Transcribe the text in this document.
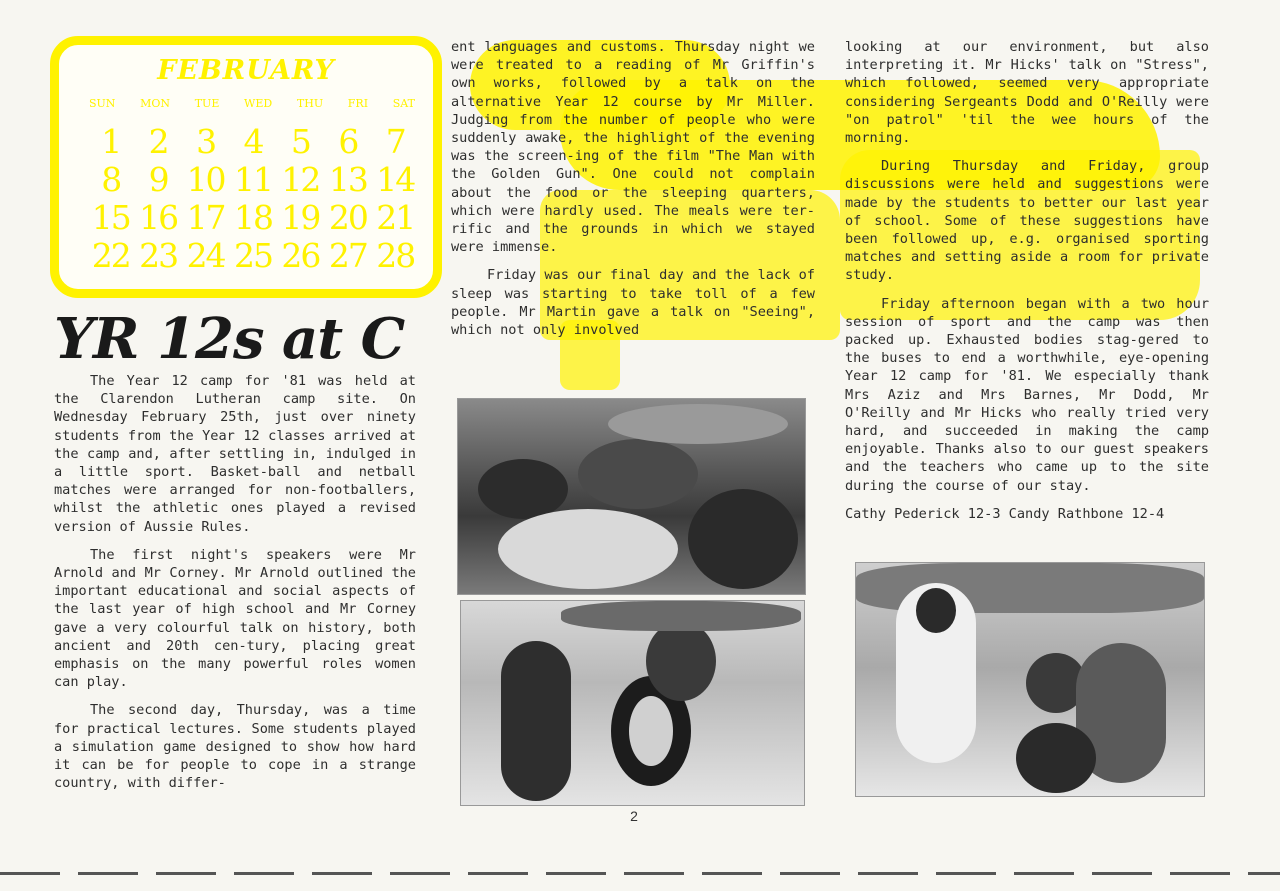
FEBRUARY
SUN MON TUE WED THU FRI SAT
1 2 3 4 5 6 7
8 9 10 11 12 13 14
15 16 17 18 19 20 21
22 23 24 25 26 27 28
YR 12s at C

The Year 12 camp for '81 was held at the Clarendon Lutheran camp site. On Wednesday February 25th, just over ninety students from the Year 12 classes arrived at the camp and, after settling in, indulged in a little sport. Basket-ball and netball matches were arranged for non-footballers, whilst the athletic ones played a revised version of Aussie Rules.

The first night's speakers were Mr Arnold and Mr Corney. Mr Arnold outlined the important educational and social aspects of the last year of high school and Mr Corney gave a very colourful talk on history, both ancient and 20th cen-tury, placing great emphasis on the many powerful roles women can play.

The second day, Thursday, was a time for practical lectures. Some students played a simulation game designed to show how hard it can be for people to cope in a strange country, with differ-

ent languages and customs. Thursday night we were treated to a reading of Mr Griffin's own works, followed by a talk on the alternative Year 12 course by Mr Miller. Judging from the number of people who were suddenly awake, the highlight of the evening was the screen-ing of the film "The Man with the Golden Gun". One could not complain about the food or the sleeping quarters, which were hardly used. The meals were ter-rific and the grounds in which we stayed were immense.

Friday was our final day and the lack of sleep was starting to take toll of a few people. Mr Martin gave a talk on "Seeing", which not only involved

looking at our environment, but also interpreting it. Mr Hicks' talk on "Stress", which followed, seemed very appropriate considering Sergeants Dodd and O'Reilly were "on patrol" 'til the wee hours of the morning.

During Thursday and Friday, group discussions were held and suggestions were made by the students to better our last year of school. Some of these suggestions have been followed up, e.g. organised sporting matches and setting aside a room for private study.

Friday afternoon began with a two hour session of sport and the camp was then packed up. Exhausted bodies stag-gered to the buses to end a worthwhile, eye-opening Year 12 camp for '81. We especially thank Mrs Aziz and Mrs Barnes, Mr Dodd, Mr O'Reilly and Mr Hicks who really tried very hard, and succeeded in making the camp enjoyable. Thanks also to our guest speakers and the teachers who came up to the site during the course of our stay.

Cathy Pederick 12-3 Candy Rathbone 12-4

2
